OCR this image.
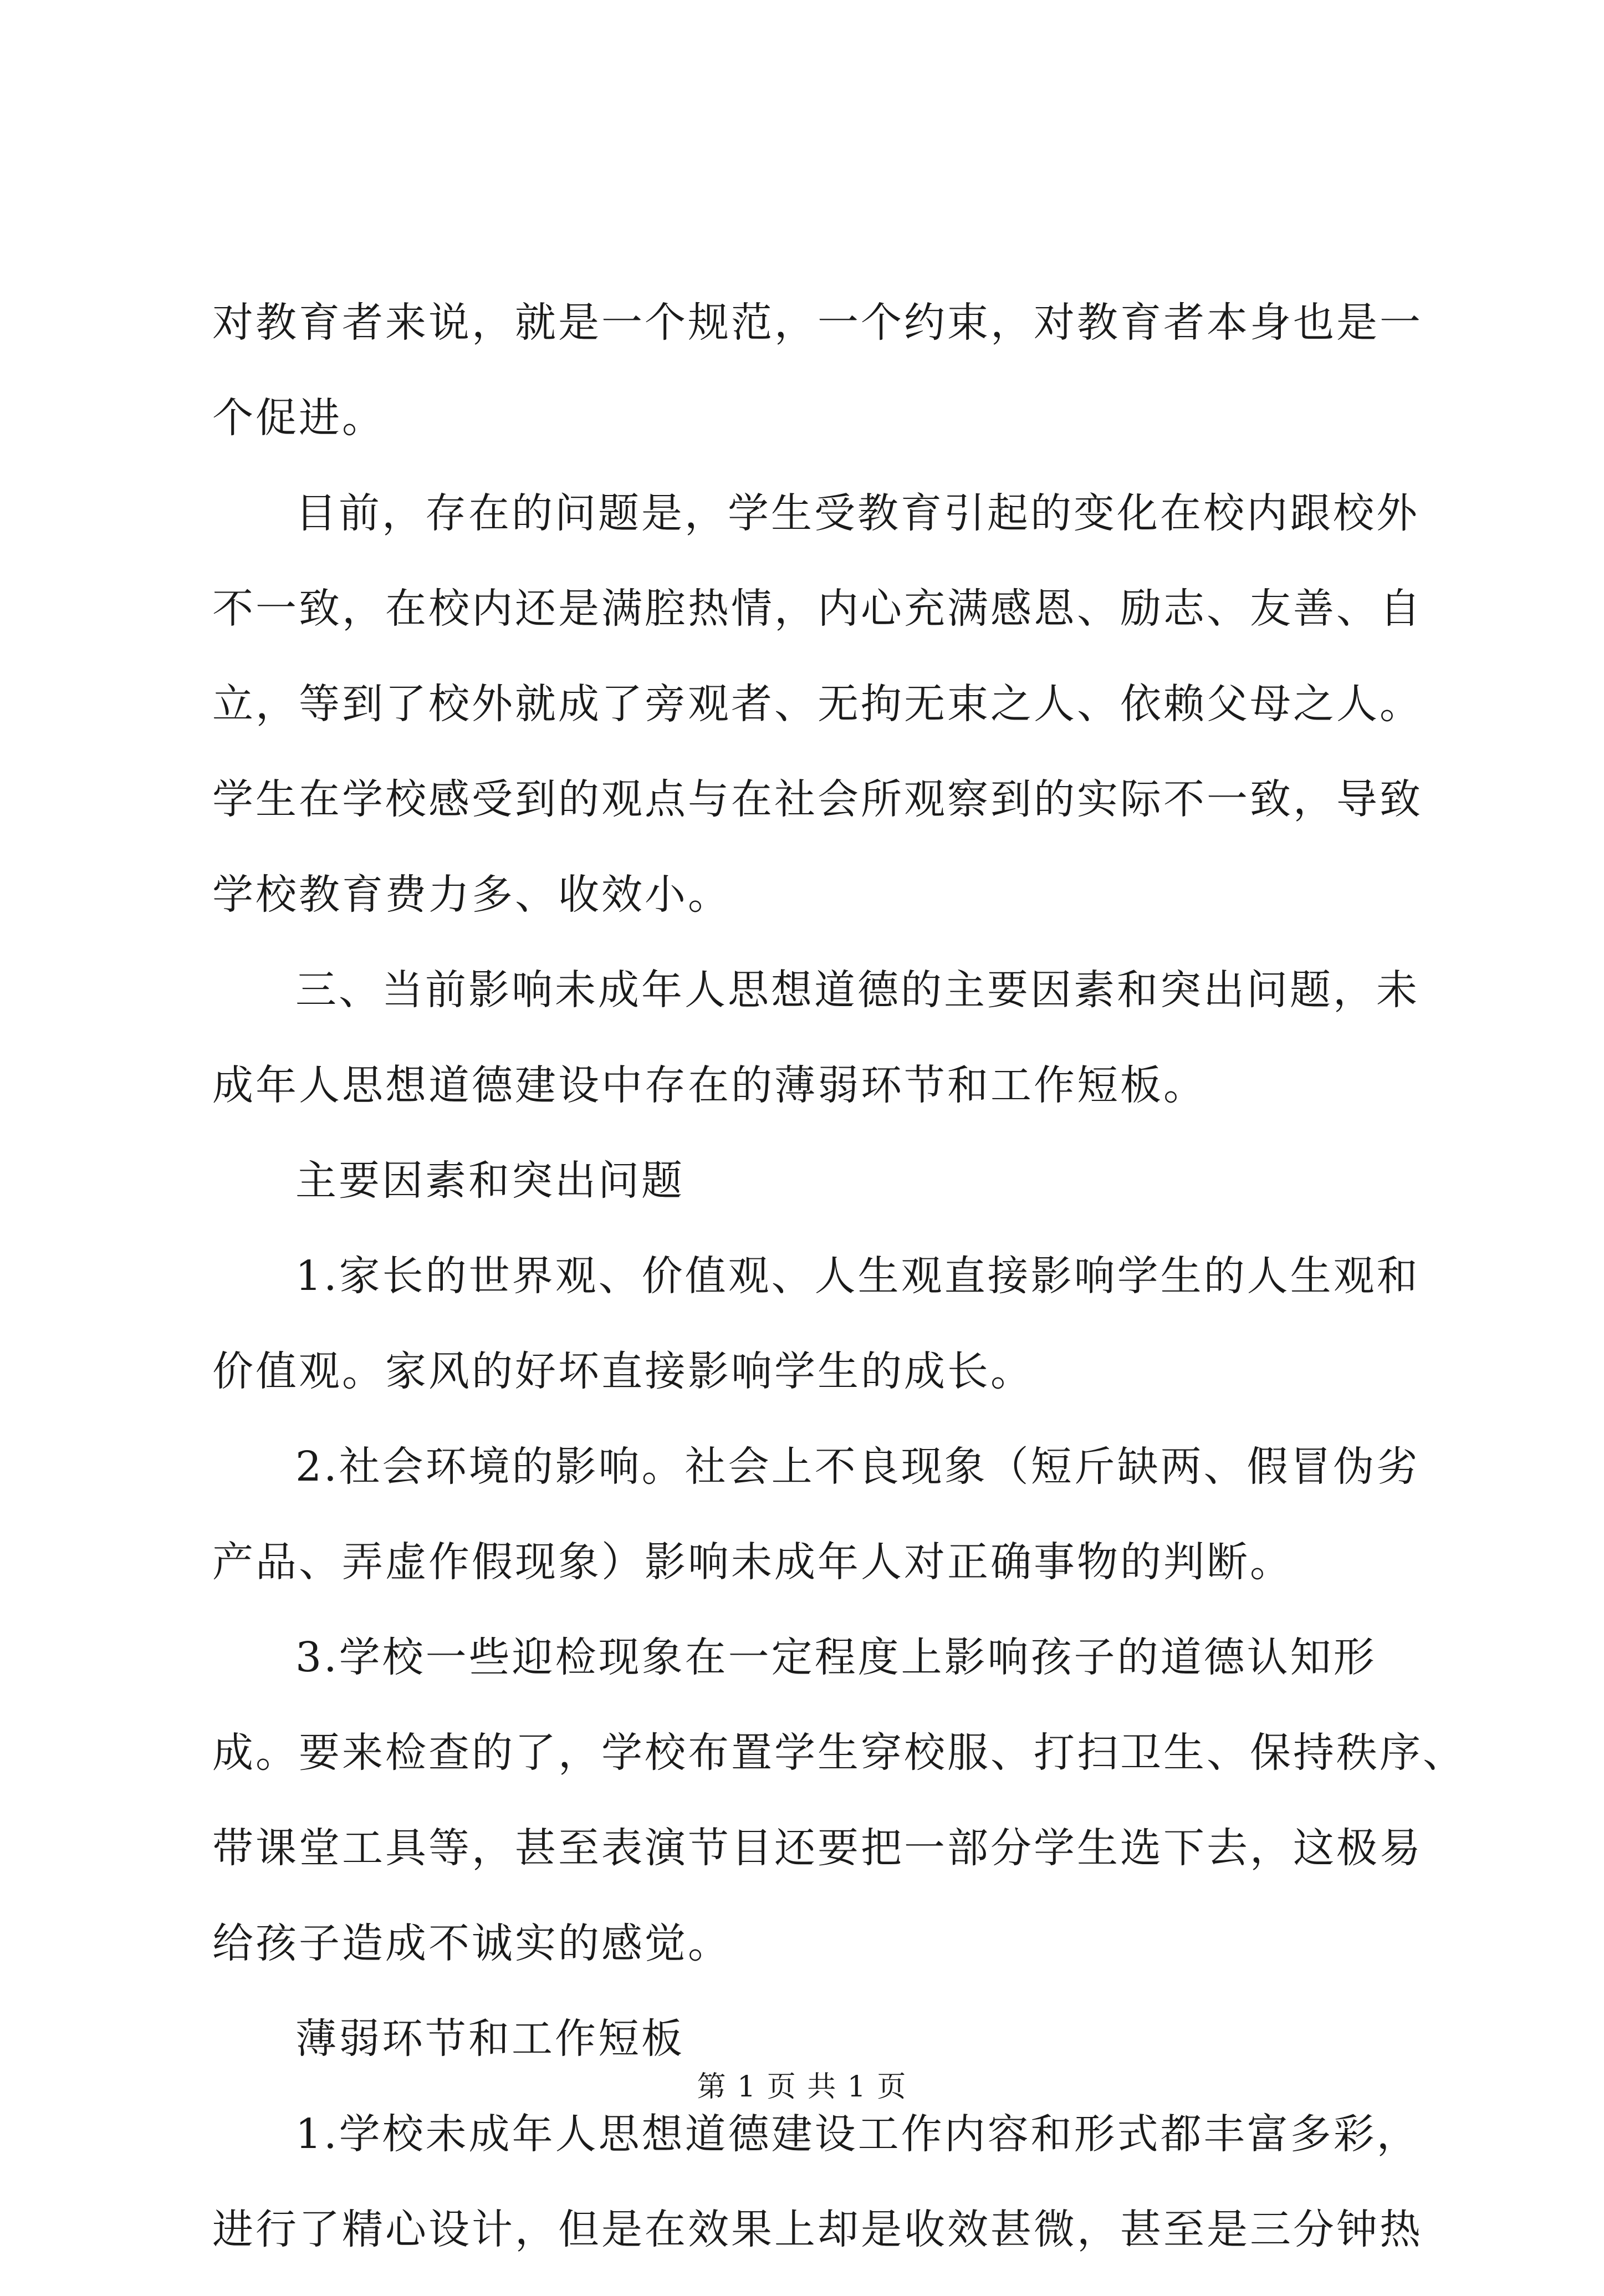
对教育者来说，就是一个规范，一个约束，对教育者本身也是一
个促进。
目前，存在的问题是，学生受教育引起的变化在校内跟校外
不一致，在校内还是满腔热情，内心充满感恩、励志、友善、自
立，等到了校外就成了旁观者、无拘无束之人、依赖父母之人。
学生在学校感受到的观点与在社会所观察到的实际不一致，导致
学校教育费力多、收效小。
三、当前影响未成年人思想道德的主要因素和突出问题，未
成年人思想道德建设中存在的薄弱环节和工作短板。
主要因素和突出问题
1.家长的世界观、价值观、人生观直接影响学生的人生观和
价值观。家风的好坏直接影响学生的成长。
2.社会环境的影响。社会上不良现象（短斤缺两、假冒伪劣
产品、弄虚作假现象）影响未成年人对正确事物的判断。
3.学校一些迎检现象在一定程度上影响孩子的道德认知形
成。要来检查的了，学校布置学生穿校服、打扫卫生、保持秩序、
带课堂工具等，甚至表演节目还要把一部分学生选下去，这极易
给孩子造成不诚实的感觉。
薄弱环节和工作短板
1.学校未成年人思想道德建设工作内容和形式都丰富多彩，
进行了精心设计，但是在效果上却是收效甚微，甚至是三分钟热
第 1 页 共 1 页
